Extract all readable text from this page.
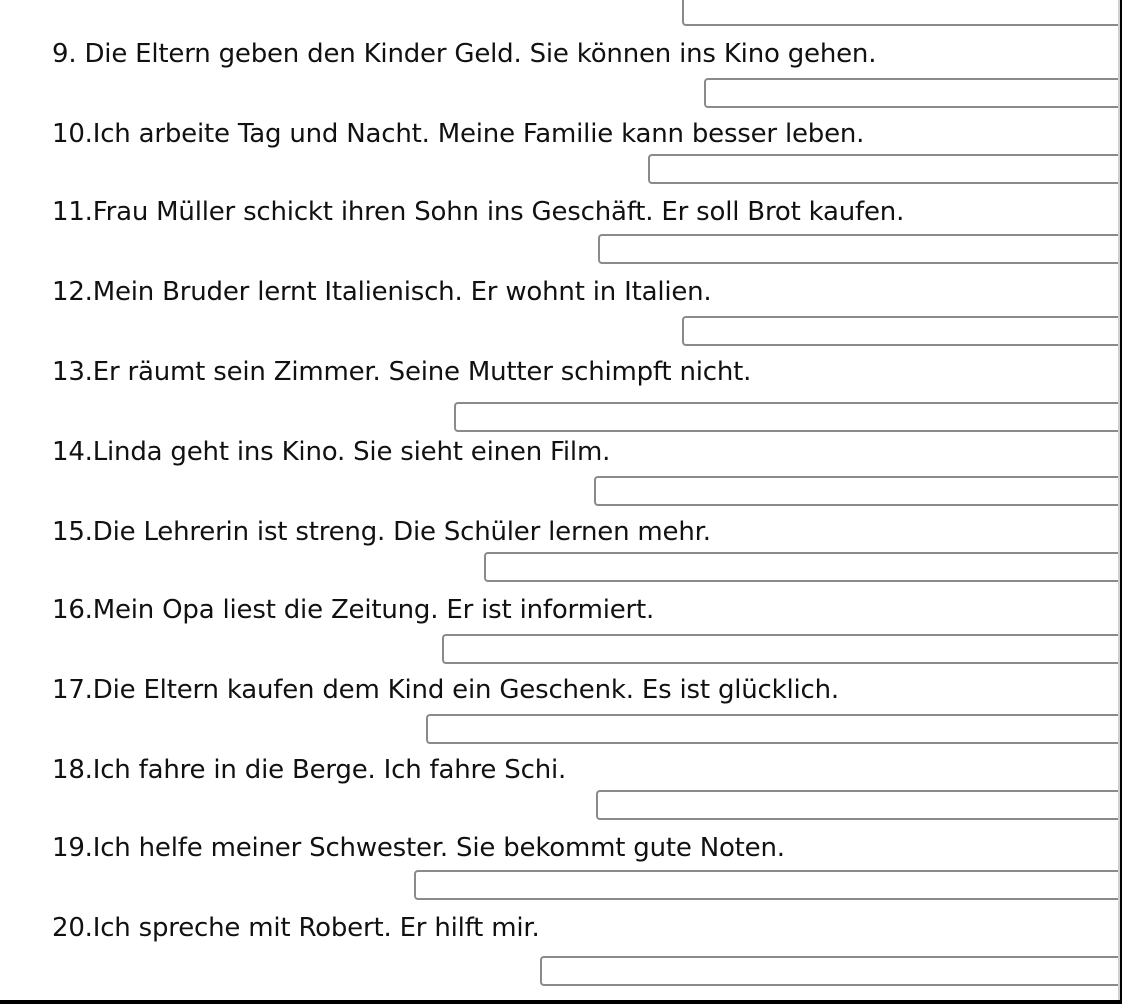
9. Die Eltern geben den Kinder Geld. Sie können ins Kino gehen.
10.Ich arbeite Tag und Nacht. Meine Familie kann besser leben.
11.Frau Müller schickt ihren Sohn ins Geschäft. Er soll Brot kaufen.
12.Mein Bruder lernt Italienisch. Er wohnt in Italien.
13.Er räumt sein Zimmer. Seine Mutter schimpft nicht.
14.Linda geht ins Kino. Sie sieht einen Film.
15.Die Lehrerin ist streng. Die Schüler lernen mehr.
16.Mein Opa liest die Zeitung. Er ist informiert.
17.Die Eltern kaufen dem Kind ein Geschenk. Es ist glücklich.
18.Ich fahre in die Berge. Ich fahre Schi.
19.Ich helfe meiner Schwester. Sie bekommt gute Noten.
20.Ich spreche mit Robert. Er hilft mir.
